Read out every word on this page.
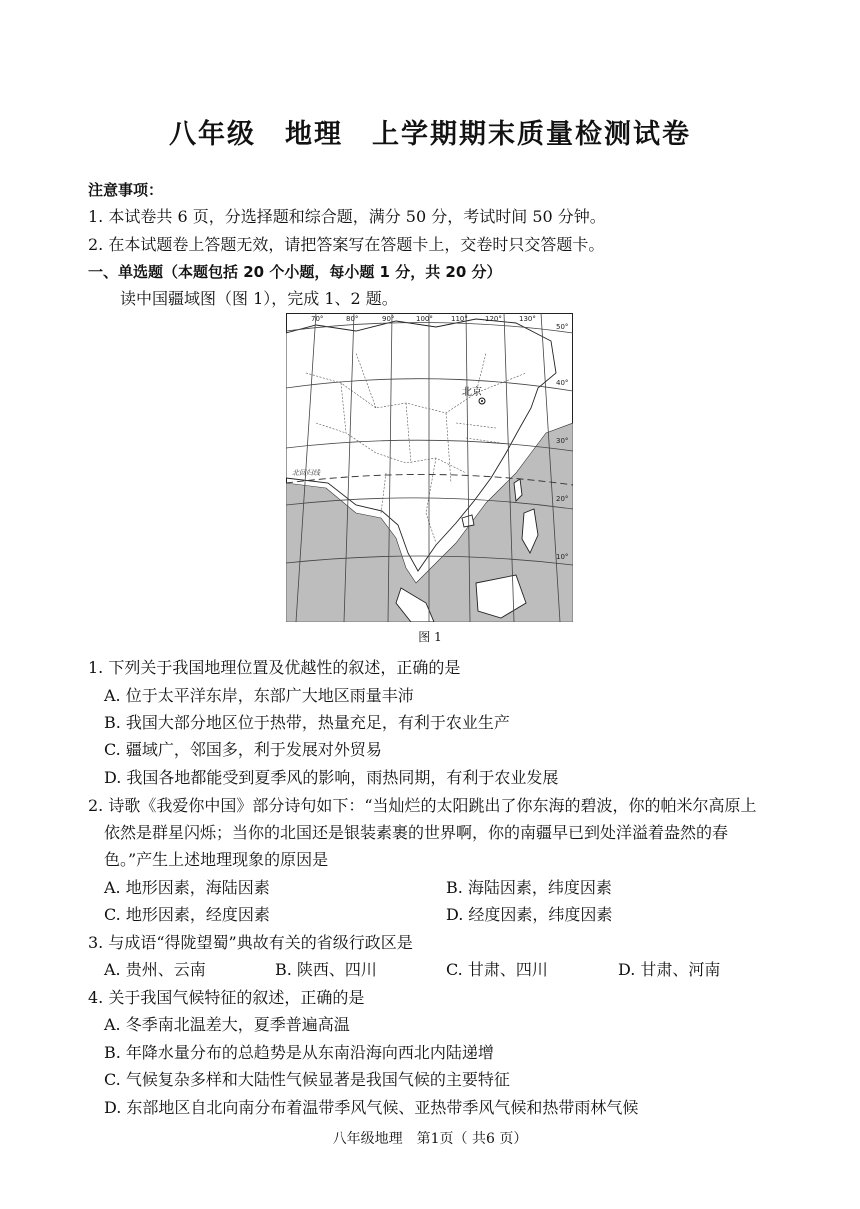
八年级　地理　上学期期末质量检测试卷
注意事项：
1. 本试卷共 6 页，分选择题和综合题，满分 50 分，考试时间 50 分钟。
2. 在本试题卷上答题无效，请把答案写在答题卡上，交卷时只交答题卡。
一、单选题（本题包括 20 个小题，每小题 1 分，共 20 分）
读中国疆域图（图 1），完成 1、2 题。
北回归线
北京
70°	80°	90°	100°	110° 120° 130°
50°
40°
30°
20°
10°
图 1
1. 下列关于我国地理位置及优越性的叙述，正确的是
A. 位于太平洋东岸，东部广大地区雨量丰沛
B. 我国大部分地区位于热带，热量充足，有利于农业生产
C. 疆域广，邻国多，利于发展对外贸易
D. 我国各地都能受到夏季风的影响，雨热同期，有利于农业发展
2. 诗歌《我爱你中国》部分诗句如下：“当灿烂的太阳跳出了你东海的碧波，你的帕米尔高原上
依然是群星闪烁；当你的北国还是银装素裹的世界啊，你的南疆早已到处洋溢着盎然的春
色。”产生上述地理现象的原因是
A. 地形因素，海陆因素	B. 海陆因素，纬度因素
C. 地形因素，经度因素	D. 经度因素，纬度因素
3. 与成语“得陇望蜀”典故有关的省级行政区是
A. 贵州、云南	B. 陕西、四川	C. 甘肃、四川	D. 甘肃、河南
4. 关于我国气候特征的叙述，正确的是
A. 冬季南北温差大，夏季普遍高温
B. 年降水量分布的总趋势是从东南沿海向西北内陆递增
C. 气候复杂多样和大陆性气候显著是我国气候的主要特征
D. 东部地区自北向南分布着温带季风气候、亚热带季风气候和热带雨林气候
八年级地理　第1页（ 共6 页）
